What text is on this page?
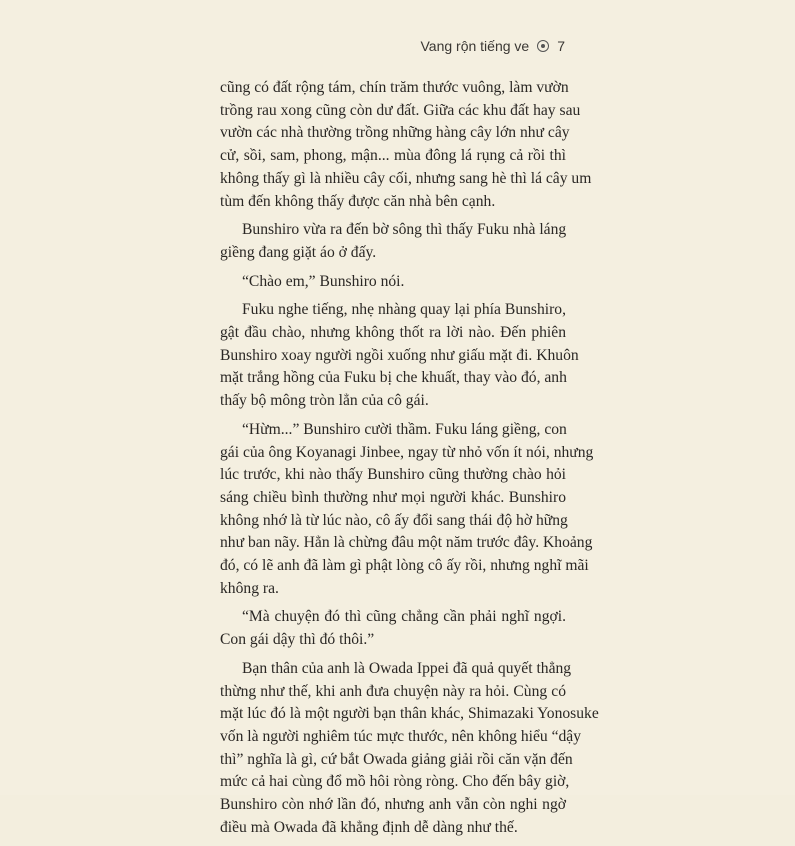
Vang rộn tiếng ve 7

cũng có đất rộng tám, chín trăm thước vuông, làm vườn
trồng rau xong cũng còn dư đất. Giữa các khu đất hay sau
vườn các nhà thường trồng những hàng cây lớn như cây
cử, sồi, sam, phong, mận... mùa đông lá rụng cả rồi thì
không thấy gì là nhiều cây cối, nhưng sang hè thì lá cây um
tùm đến không thấy được căn nhà bên cạnh.

Bunshiro vừa ra đến bờ sông thì thấy Fuku nhà láng
giềng đang giặt áo ở đấy.

“Chào em,” Bunshiro nói.

Fuku nghe tiếng, nhẹ nhàng quay lại phía Bunshiro,
gật đầu chào, nhưng không thốt ra lời nào. Đến phiên
Bunshiro xoay người ngồi xuống như giấu mặt đi. Khuôn
mặt trắng hồng của Fuku bị che khuất, thay vào đó, anh
thấy bộ mông tròn lẳn của cô gái.

“Hừm...” Bunshiro cười thầm. Fuku láng giềng, con
gái của ông Koyanagi Jinbee, ngay từ nhỏ vốn ít nói, nhưng
lúc trước, khi nào thấy Bunshiro cũng thường chào hỏi
sáng chiều bình thường như mọi người khác. Bunshiro
không nhớ là từ lúc nào, cô ấy đổi sang thái độ hờ hững
như ban nãy. Hẳn là chừng đâu một năm trước đây. Khoảng
đó, có lẽ anh đã làm gì phật lòng cô ấy rồi, nhưng nghĩ mãi
không ra.

“Mà chuyện đó thì cũng chẳng cần phải nghĩ ngợi.
Con gái dậy thì đó thôi.”

Bạn thân của anh là Owada Ippei đã quả quyết thẳng
thừng như thế, khi anh đưa chuyện này ra hỏi. Cùng có
mặt lúc đó là một người bạn thân khác, Shimazaki Yonosuke
vốn là người nghiêm túc mực thước, nên không hiểu “dậy
thì” nghĩa là gì, cứ bắt Owada giảng giải rồi căn vặn đến
mức cả hai cùng đổ mồ hôi ròng ròng. Cho đến bây giờ,
Bunshiro còn nhớ lần đó, nhưng anh vẫn còn nghi ngờ
điều mà Owada đã khẳng định dễ dàng như thế.
